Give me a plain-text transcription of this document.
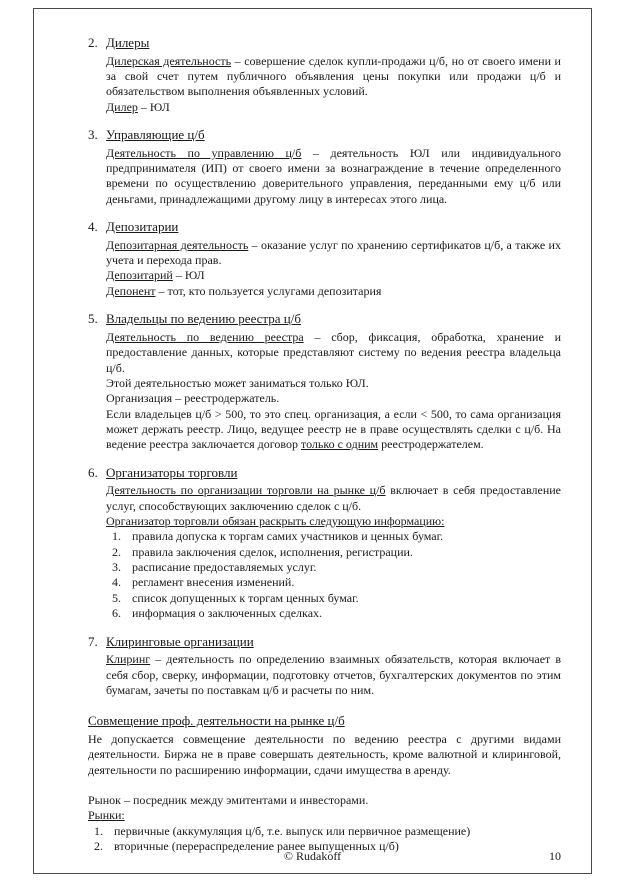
2. Дилеры
Дилерская деятельность – совершение сделок купли-продажи ц/б, но от своего имени и за свой счет путем публичного объявления цены покупки или продажи ц/б и обязательством выполнения объявленных условий.
Дилер – ЮЛ
3. Управляющие ц/б
Деятельность по управлению ц/б – деятельность ЮЛ или индивидуального предпринимателя (ИП) от своего имени за вознаграждение в течение определенного времени по осуществлению доверительного управления, переданными ему ц/б или деньгами, принадлежащими другому лицу в интересах этого лица.
4. Депозитарии
Депозитарная деятельность – оказание услуг по хранению сертификатов ц/б, а также их учета и перехода прав.
Депозитарий – ЮЛ
Депонент – тот, кто пользуется услугами депозитария
5. Владельцы по ведению реестра ц/б
Деятельность по ведению реестра – сбор, фиксация, обработка, хранение и предоставление данных, которые представляют систему по ведения реестра владельца ц/б.
Этой деятельностью может заниматься только ЮЛ.
Организация – реестродержатель.
Если владельцев ц/б > 500, то это спец. организация, а если < 500, то сама организация может держать реестр. Лицо, ведущее реестр не в праве осуществлять сделки с ц/б. На ведение реестра заключается договор только с одним реестродержателем.
6. Организаторы торговли
Деятельность по организации торговли на рынке ц/б включает в себя предоставление услуг, способствующих заключению сделок с ц/б.
Организатор торговли обязан раскрыть следующую информацию:
1. правила допуска к торгам самих участников и ценных бумаг.
2. правила заключения сделок, исполнения, регистрации.
3. расписание предоставляемых услуг.
4. регламент внесения изменений.
5. список допущенных к торгам ценных бумаг.
6. информация о заключенных сделках.
7. Клиринговые организации
Клиринг – деятельность по определению взаимных обязательств, которая включает в себя сбор, сверку, информации, подготовку отчетов, бухгалтерских документов по этим бумагам, зачеты по поставкам ц/б и расчеты по ним.
Совмещение проф. деятельности на рынке ц/б
Не допускается совмещение деятельности по ведению реестра с другими видами деятельности. Биржа не в праве совершать деятельность, кроме валютной и клиринговой, деятельности по расширению информации, сдачи имущества в аренду.
Рынок – посредник между эмитентами и инвесторами.
Рынки:
1. первичные (аккумуляция ц/б, т.е. выпуск или первичное размещение)
2. вторичные (перераспределение ранее выпущенных ц/б)
© Rudakoff	10
